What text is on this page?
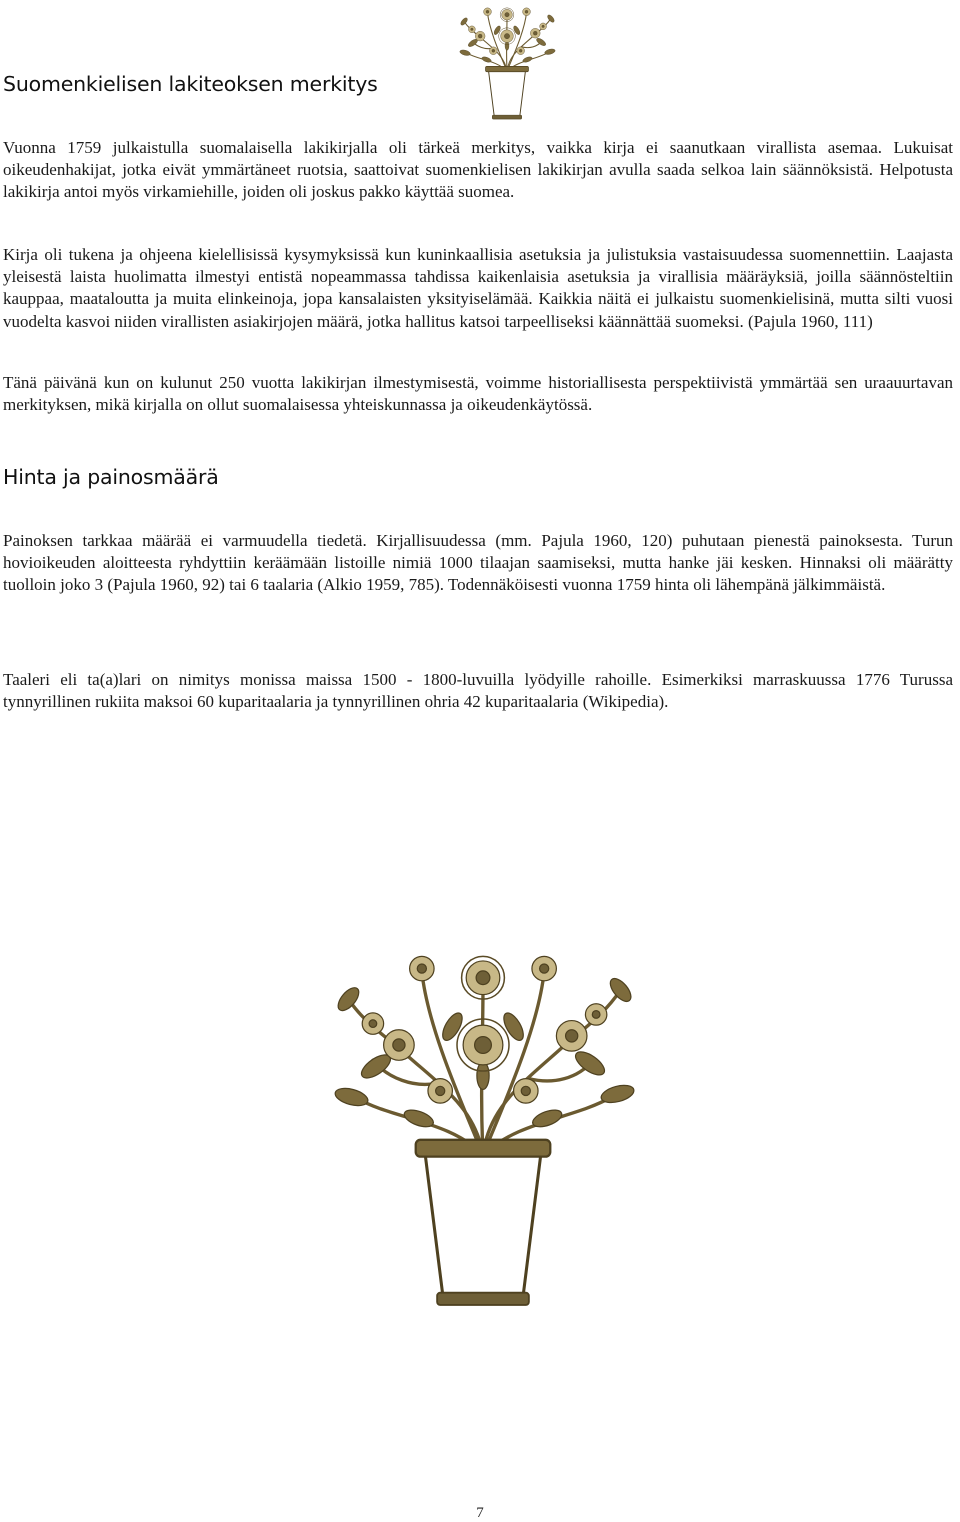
Suomenkielisen lakiteoksen merkitys

Vuonna 1759 julkaistulla suomalaisella lakikirjalla oli tärkeä merkitys, vaikka kirja ei saanutkaan virallista asemaa. Lukuisat oikeudenhakijat, jotka eivät ymmärtäneet ruotsia, saattoivat suomenkielisen lakikirjan avulla saada selkoa lain säännöksistä. Helpotusta lakikirja antoi myös virkamiehille, joiden oli joskus pakko käyttää suomea.

Kirja oli tukena ja ohjeena kielellisissä kysymyksissä kun kuninkaallisia asetuksia ja julistuksia vastaisuudessa suomennettiin. Laajasta yleisestä laista huolimatta ilmestyi entistä nopeammassa tahdissa kaikenlaisia asetuksia ja virallisia määräyksiä, joilla säännösteltiin kauppaa, maataloutta ja muita elinkeinoja, jopa kansalaisten yksityiselämää. Kaikkia näitä ei julkaistu suomenkielisinä, mutta silti vuosi vuodelta kasvoi niiden virallisten asiakirjojen määrä, jotka hallitus katsoi tarpeelliseksi käännättää suomeksi. (Pajula 1960, 111)

Tänä päivänä kun on kulunut 250 vuotta lakikirjan ilmestymisestä, voimme historiallisesta perspektiivistä ymmärtää sen uraauurtavan merkityksen, mikä kirjalla on ollut suomalaisessa yhteiskunnassa ja oikeudenkäytössä.

Hinta ja painosmäärä

Painoksen tarkkaa määrää ei varmuudella tiedetä. Kirjallisuudessa (mm. Pajula 1960, 120) puhutaan pienestä painoksesta. Turun hovioikeuden aloitteesta ryhdyttiin keräämään listoille nimiä 1000 tilaajan saamiseksi, mutta hanke jäi kesken. Hinnaksi oli määrätty tuolloin joko 3 (Pajula 1960, 92) tai 6 taalaria (Alkio 1959, 785). Todennäköisesti vuonna 1759 hinta oli lähempänä jälkimmäistä.

Taaleri eli ta(a)lari on nimitys monissa maissa 1500 - 1800-luvuilla lyödyille rahoille. Esimerkiksi marraskuussa 1776 Turussa tynnyrillinen rukiita maksoi 60 kuparitaalaria ja tynnyrillinen ohria 42 kuparitaalaria (Wikipedia).

7
